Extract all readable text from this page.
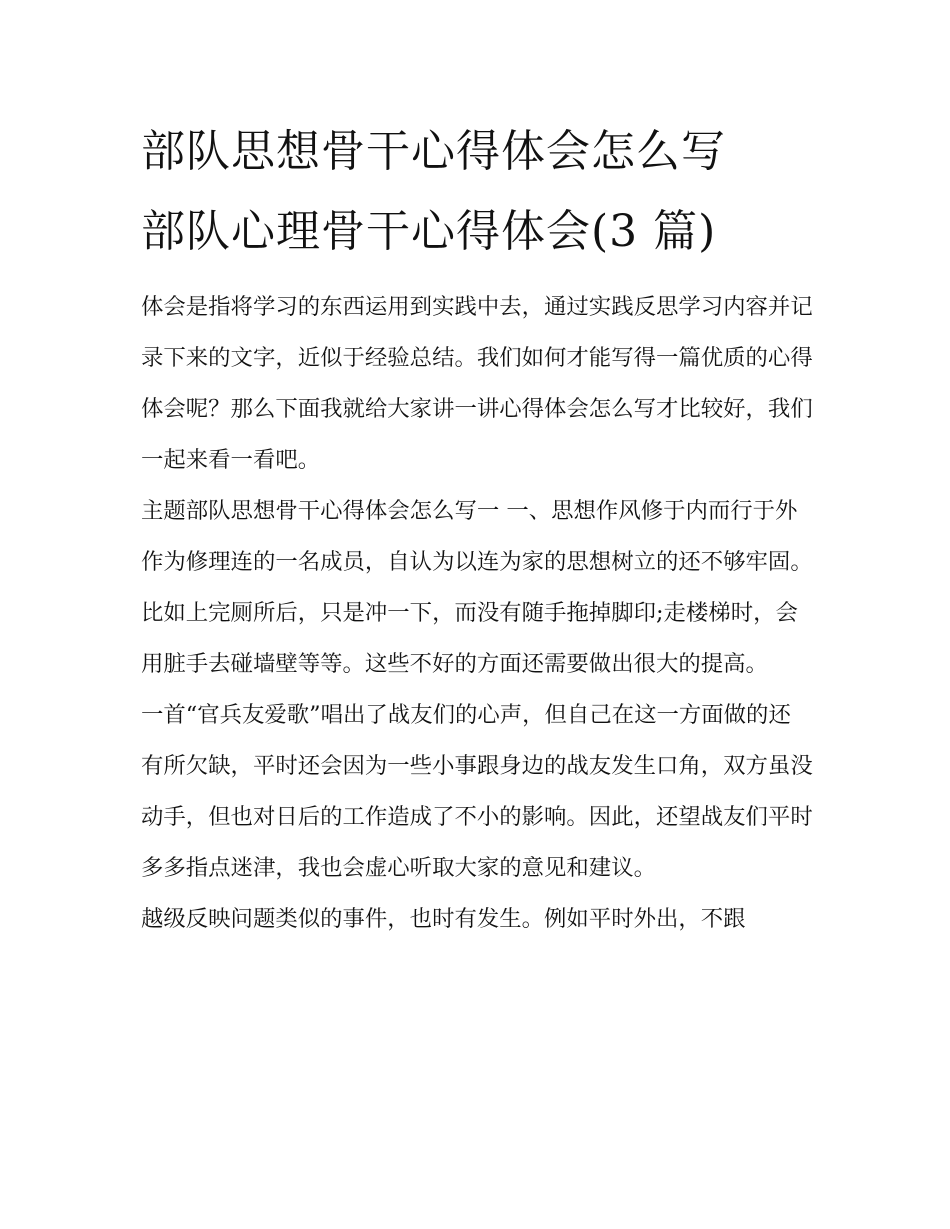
部队思想骨干心得体会怎么写
部队心理骨干心得体会(3 篇)

体会是指将学习的东西运用到实践中去，通过实践反思学习内容并记录下来的文字，近似于经验总结。我们如何才能写得一篇优质的心得体会呢？那么下面我就给大家讲一讲心得体会怎么写才比较好，我们一起来看一看吧。

主题部队思想骨干心得体会怎么写一 一、思想作风修于内而行于外

作为修理连的一名成员，自认为以连为家的思想树立的还不够牢固。比如上完厕所后，只是冲一下，而没有随手拖掉脚印;走楼梯时，会用脏手去碰墙壁等等。这些不好的方面还需要做出很大的提高。

一首“官兵友爱歌”唱出了战友们的心声，但自己在这一方面做的还有所欠缺，平时还会因为一些小事跟身边的战友发生口角，双方虽没动手，但也对日后的工作造成了不小的影响。因此，还望战友们平时多多指点迷津，我也会虚心听取大家的意见和建议。

越级反映问题类似的事件，也时有发生。例如平时外出，不跟
